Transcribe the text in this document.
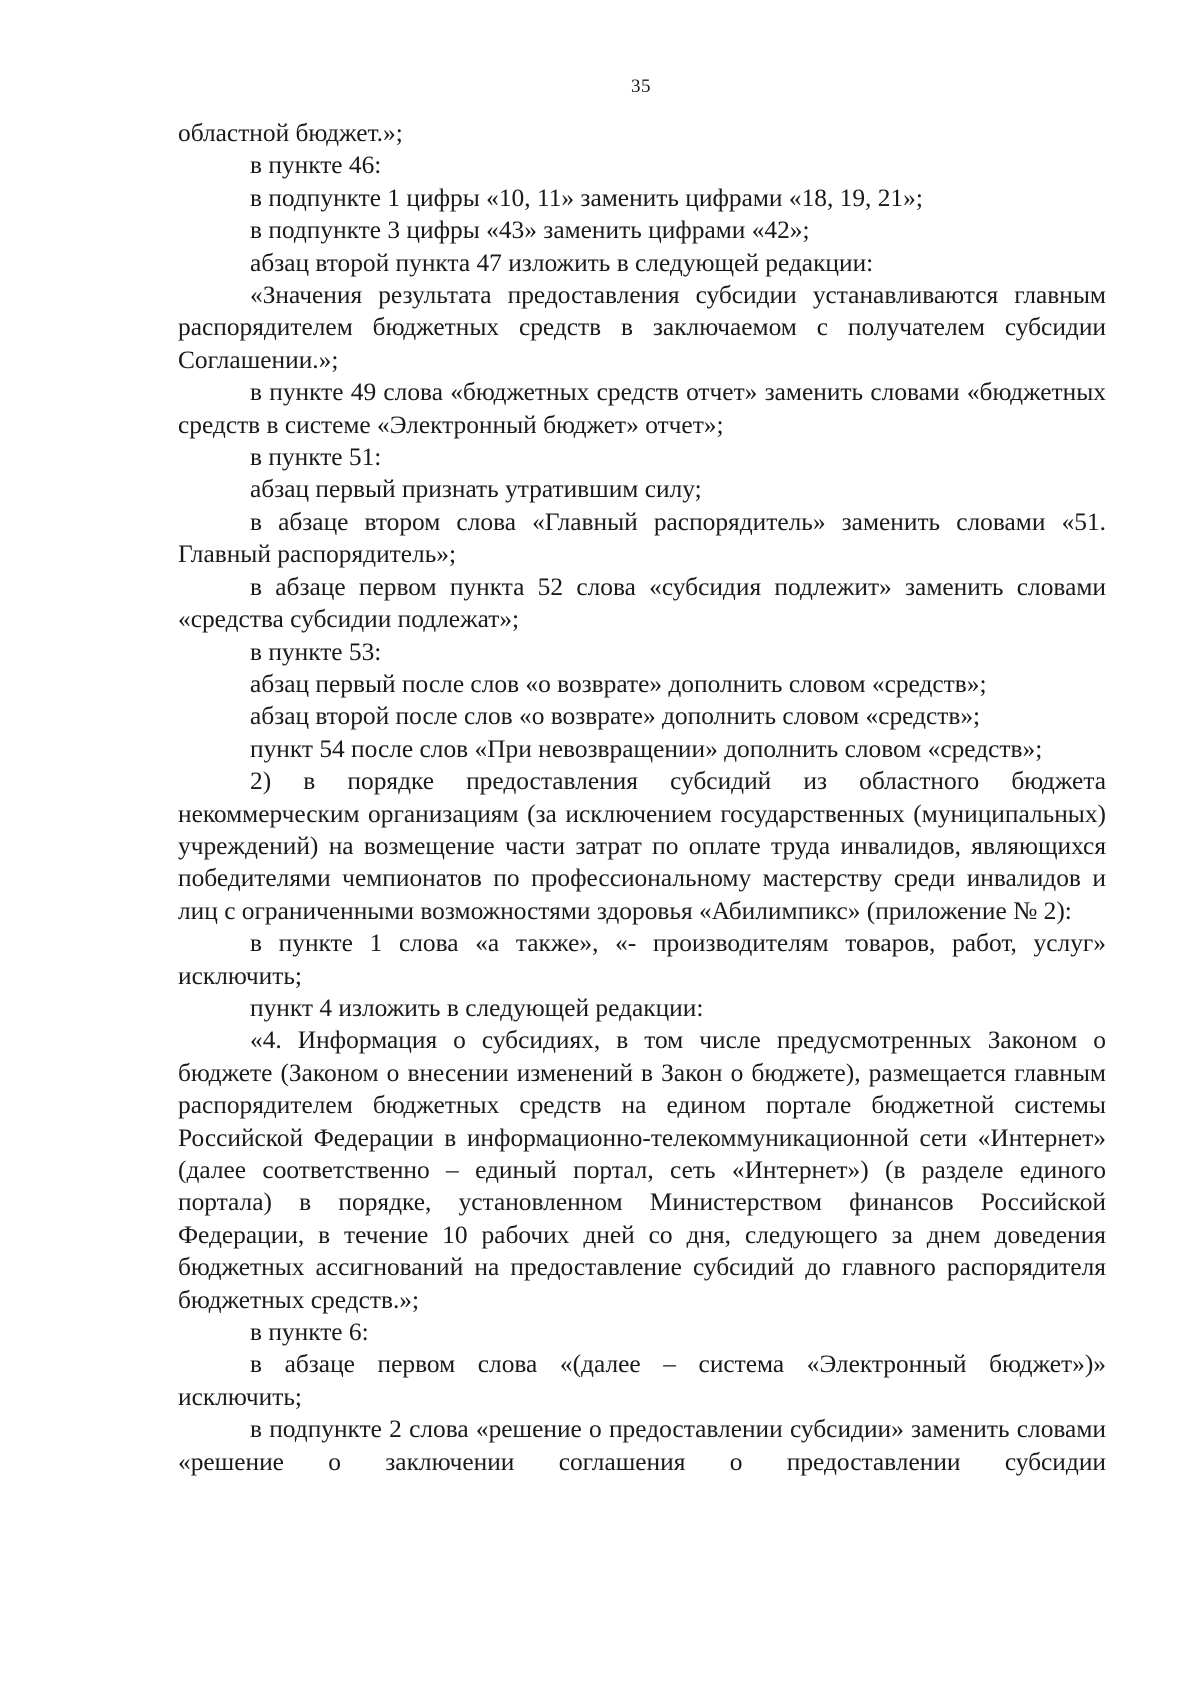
35

областной бюджет.»;

в пункте 46:

в подпункте 1 цифры «10, 11» заменить цифрами «18, 19, 21»;

в подпункте 3 цифры «43» заменить цифрами «42»;

абзац второй пункта 47 изложить в следующей редакции:

«Значения результата предоставления субсидии устанавливаются главным распорядителем бюджетных средств в заключаемом с получателем субсидии Соглашении.»;

в пункте 49 слова «бюджетных средств отчет» заменить словами «бюджетных средств в системе «Электронный бюджет» отчет»;

в пункте 51:

абзац первый признать утратившим силу;

в абзаце втором слова «Главный распорядитель» заменить словами «51. Главный распорядитель»;

в абзаце первом пункта 52 слова «субсидия подлежит» заменить словами «средства субсидии подлежат»;

в пункте 53:

абзац первый после слов «о возврате» дополнить словом «средств»;

абзац второй после слов «о возврате» дополнить словом «средств»;

пункт 54 после слов «При невозвращении» дополнить словом «средств»;

2) в порядке предоставления субсидий из областного бюджета некоммерческим организациям (за исключением государственных (муниципальных) учреждений) на возмещение части затрат по оплате труда инвалидов, являющихся победителями чемпионатов по профессиональному мастерству среди инвалидов и лиц с ограниченными возможностями здоровья «Абилимпикс» (приложение № 2):

в пункте 1 слова «а также», «- производителям товаров, работ, услуг» исключить;

пункт 4 изложить в следующей редакции:

«4. Информация о субсидиях, в том числе предусмотренных Законом о бюджете (Законом о внесении изменений в Закон о бюджете), размещается главным распорядителем бюджетных средств на едином портале бюджетной системы Российской Федерации в информационно-телекоммуникационной сети «Интернет» (далее соответственно – единый портал, сеть «Интернет») (в разделе единого портала) в порядке, установленном Министерством финансов Российской Федерации, в течение 10 рабочих дней со дня, следующего за днем доведения бюджетных ассигнований на предоставление субсидий до главного распорядителя бюджетных средств.»;

в пункте 6:

в абзаце первом слова «(далее – система «Электронный бюджет»)» исключить;

в подпункте 2 слова «решение о предоставлении субсидии» заменить словами «решение о заключении соглашения о предоставлении субсидии
